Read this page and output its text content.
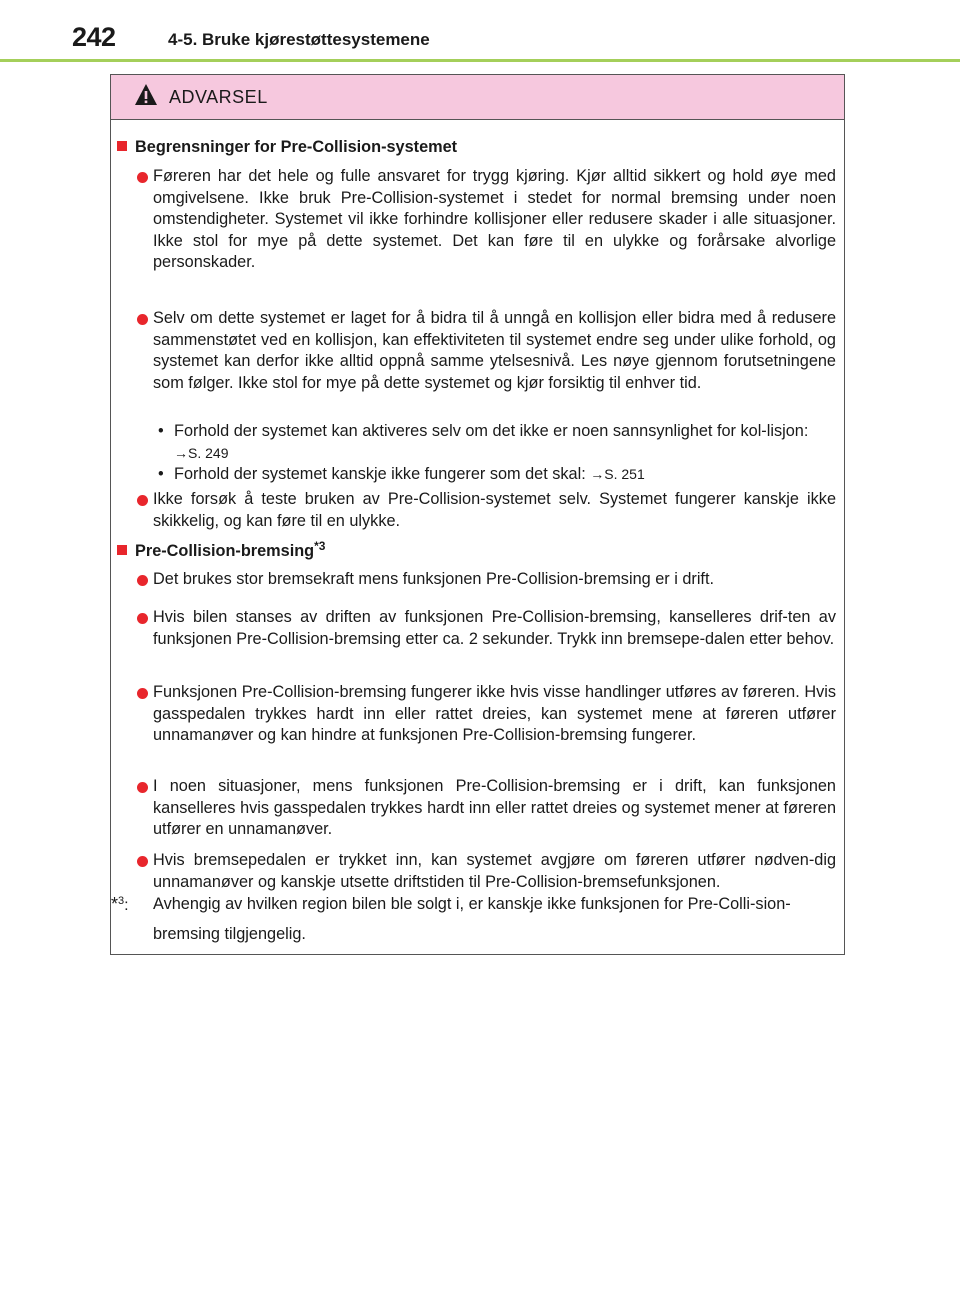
242	4-5. Bruke kjørestøttesystemene
ADVARSEL
Begrensninger for Pre-Collision-systemet
Føreren har det hele og fulle ansvaret for trygg kjøring. Kjør alltid sikkert og hold øye med omgivelsene. Ikke bruk Pre-Collision-systemet i stedet for normal bremsing under noen omstendigheter. Systemet vil ikke forhindre kollisjoner eller redusere skader i alle situasjoner. Ikke stol for mye på dette systemet. Det kan føre til en ulykke og forårsake alvorlige personskader.
Selv om dette systemet er laget for å bidra til å unngå en kollisjon eller bidra med å redusere sammenstøtet ved en kollisjon, kan effektiviteten til systemet endre seg under ulike forhold, og systemet kan derfor ikke alltid oppnå samme ytelsesnivå. Les nøye gjennom forutsetningene som følger. Ikke stol for mye på dette systemet og kjør forsiktig til enhver tid.
• Forhold der systemet kan aktiveres selv om det ikke er noen sannsynlighet for kol-lisjon: →S. 249
• Forhold der systemet kanskje ikke fungerer som det skal: →S. 251
Ikke forsøk å teste bruken av Pre-Collision-systemet selv. Systemet fungerer kanskje ikke skikkelig, og kan føre til en ulykke.
Pre-Collision-bremsing$^{*3}$
Det brukes stor bremsekraft mens funksjonen Pre-Collision-bremsing er i drift.
Hvis bilen stanses av driften av funksjonen Pre-Collision-bremsing, kanselleres drif-ten av funksjonen Pre-Collision-bremsing etter ca. 2 sekunder. Trykk inn bremsepe-dalen etter behov.
Funksjonen Pre-Collision-bremsing fungerer ikke hvis visse handlinger utføres av føreren. Hvis gasspedalen trykkes hardt inn eller rattet dreies, kan systemet mene at føreren utfører unnamanøver og kan hindre at funksjonen Pre-Collision-bremsing fungerer.
I noen situasjoner, mens funksjonen Pre-Collision-bremsing er i drift, kan funksjonen kanselleres hvis gasspedalen trykkes hardt inn eller rattet dreies og systemet mener at føreren utfører en unnamanøver.
Hvis bremsepedalen er trykket inn, kan systemet avgjøre om føreren utfører nødven-dig unnamanøver og kanskje utsette driftstiden til Pre-Collision-bremsefunksjonen.
*$^3$: Avhengig av hvilken region bilen ble solgt i, er kanskje ikke funksjonen for Pre-Colli-sion-bremsing tilgjengelig.
